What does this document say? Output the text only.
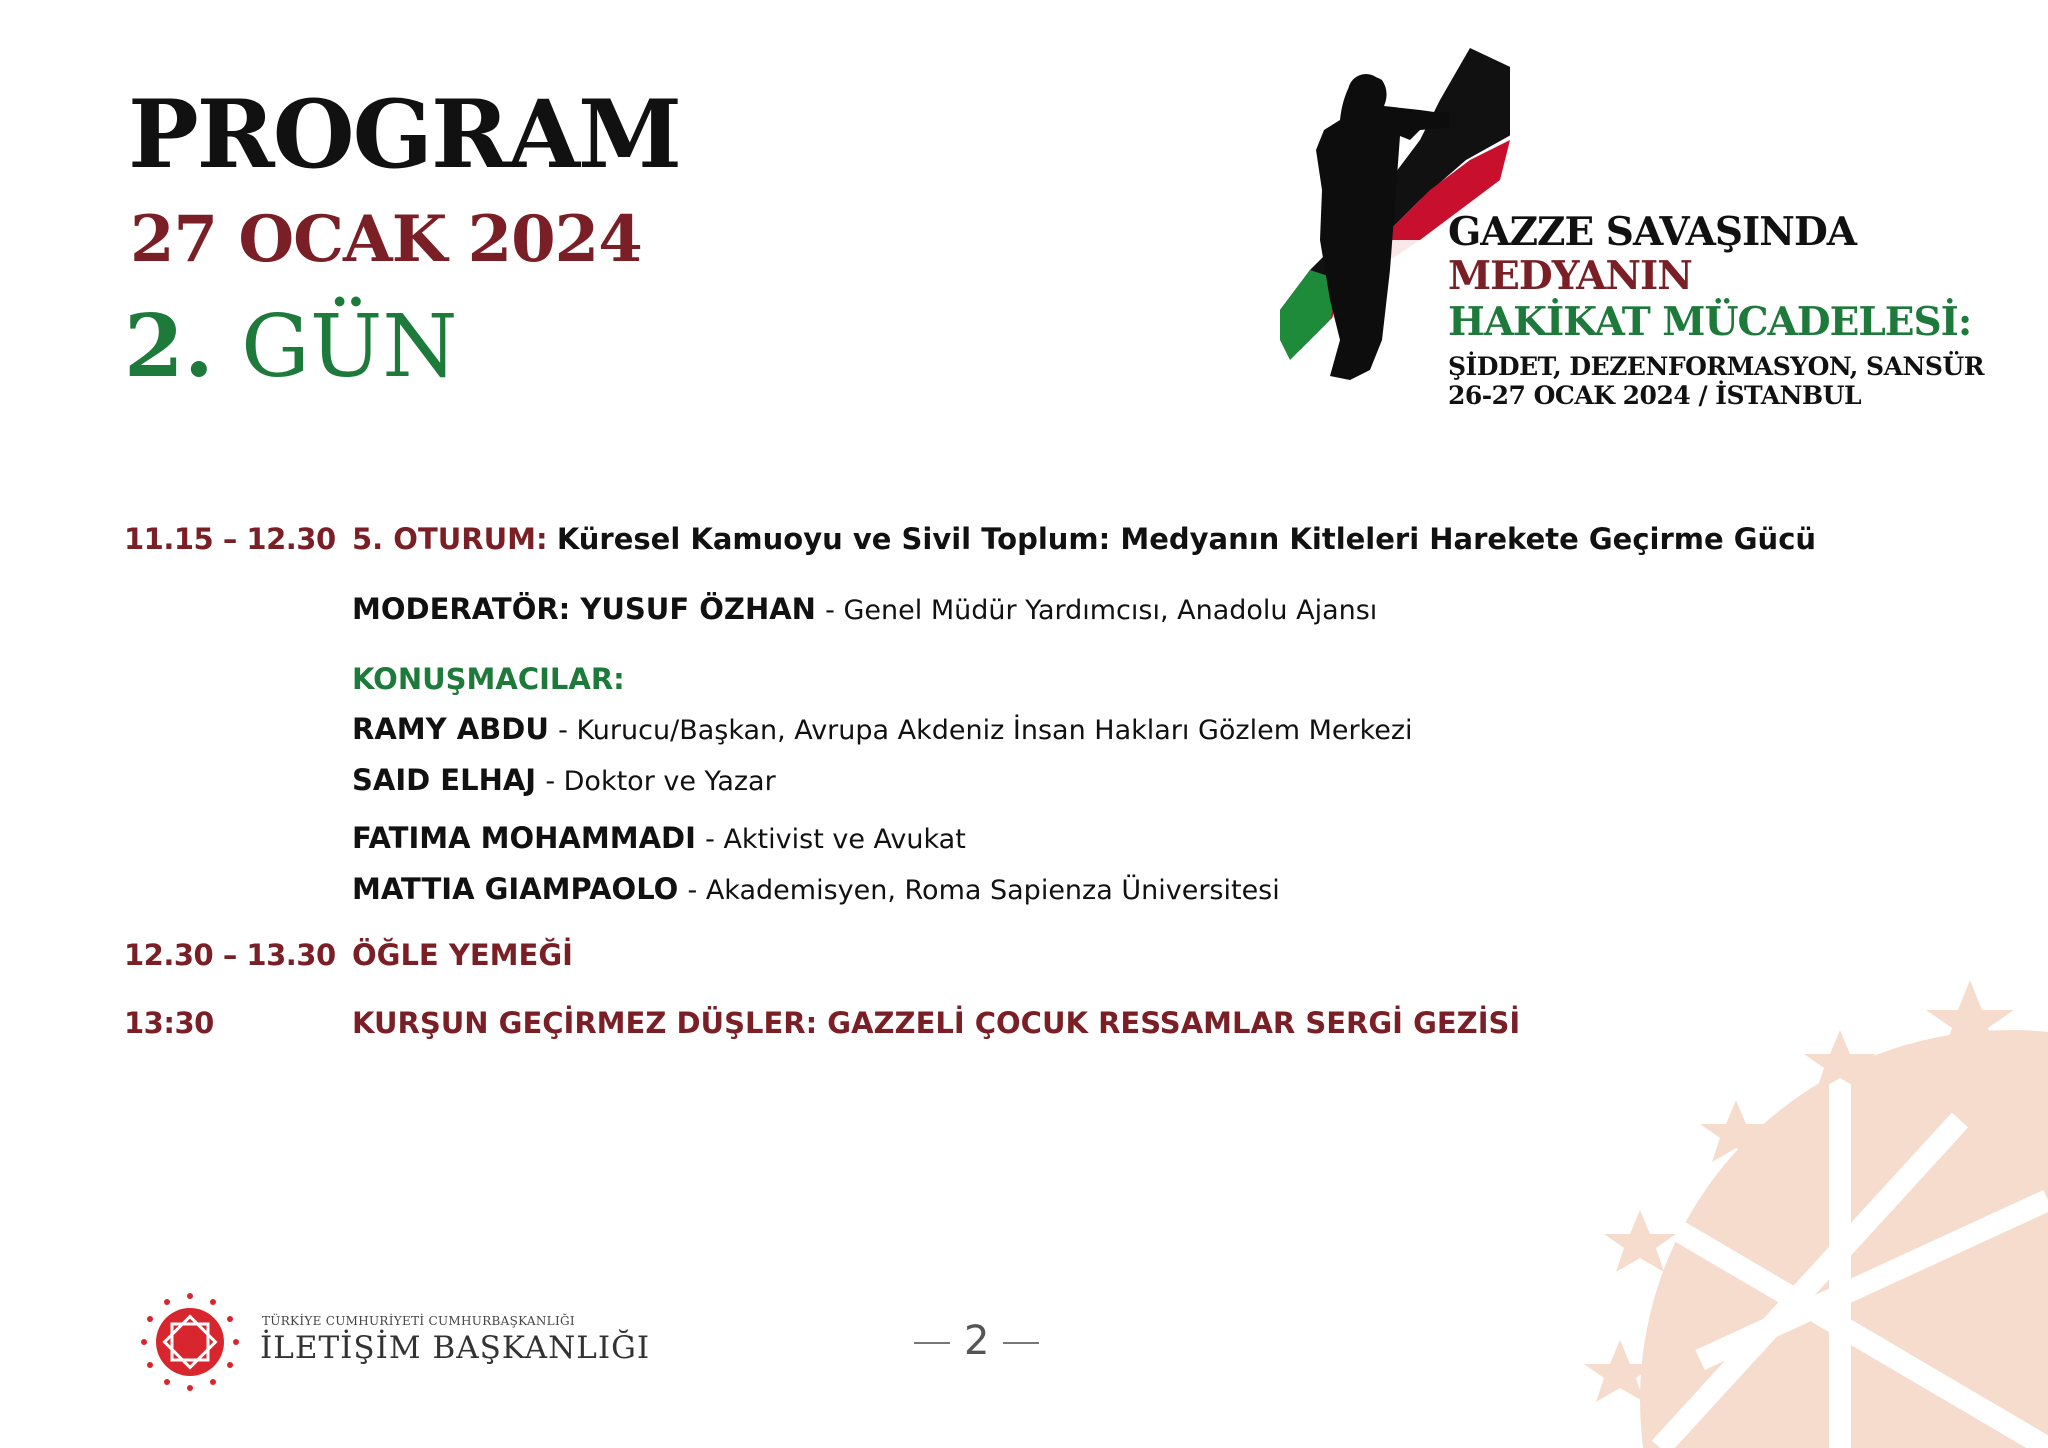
PROGRAM
27 OCAK 2024
2. GÜN
GAZZE SAVAŞINDA
MEDYANIN
HAKİKAT MÜCADELESİ:
ŞİDDET, DEZENFORMASYON, SANSÜR
26-27 OCAK 2024 / İSTANBUL
11.15 – 12.30 5. OTURUM: Küresel Kamuoyu ve Sivil Toplum: Medyanın Kitleleri Harekete Geçirme Gücü
MODERATÖR: YUSUF ÖZHAN - Genel Müdür Yardımcısı, Anadolu Ajansı
KONUŞMACILAR:
RAMY ABDU - Kurucu/Başkan, Avrupa Akdeniz İnsan Hakları Gözlem Merkezi
SAID ELHAJ - Doktor ve Yazar
FATIMA MOHAMMADI - Aktivist ve Avukat
MATTIA GIAMPAOLO - Akademisyen, Roma Sapienza Üniversitesi
12.30 – 13.30 ÖĞLE YEMEĞİ
13:30	KURŞUN GEÇİRMEZ DÜŞLER: GAZZELİ ÇOCUK RESSAMLAR SERGİ GEZİSİ
TÜRKİYE CUMHURİYETİ CUMHURBAŞKANLIĞI
İLETİŞİM BAŞKANLIĞI	2
